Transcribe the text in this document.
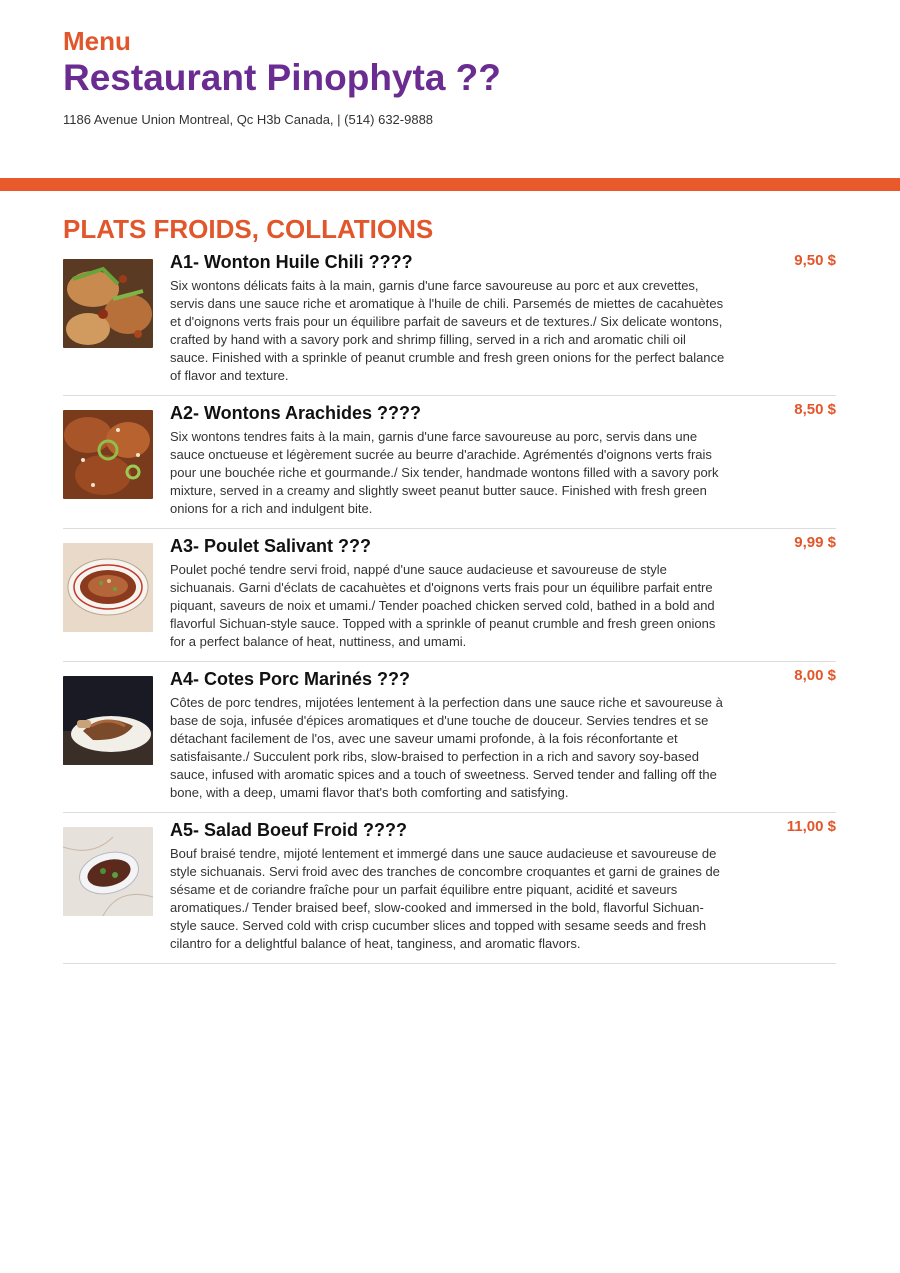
Menu
Restaurant Pinophyta ??
1186 Avenue Union Montreal, Qc H3b Canada, | (514) 632-9888
PLATS FROIDS, COLLATIONS
A1- Wonton Huile Chili ????

Six wontons délicats faits à la main, garnis d'une farce savoureuse au porc et aux crevettes, servis dans une sauce riche et aromatique à l'huile de chili. Parsemés de miettes de cacahuètes et d'oignons verts frais pour un équilibre parfait de saveurs et de textures./ Six delicate wontons, crafted by hand with a savory pork and shrimp filling, served in a rich and aromatic chili oil sauce. Finished with a sprinkle of peanut crumble and fresh green onions for the perfect balance of flavor and texture.

9,50 $
A2- Wontons Arachides ????

Six wontons tendres faits à la main, garnis d'une farce savoureuse au porc, servis dans une sauce onctueuse et légèrement sucrée au beurre d'arachide. Agrémentés d'oignons verts frais pour une bouchée riche et gourmande./ Six tender, handmade wontons filled with a savory pork mixture, served in a creamy and slightly sweet peanut butter sauce. Finished with fresh green onions for a rich and indulgent bite.

8,50 $
A3- Poulet Salivant ???

Poulet poché tendre servi froid, nappé d'une sauce audacieuse et savoureuse de style sichuanais. Garni d'éclats de cacahuètes et d'oignons verts frais pour un équilibre parfait entre piquant, saveurs de noix et umami./ Tender poached chicken served cold, bathed in a bold and flavorful Sichuan-style sauce. Topped with a sprinkle of peanut crumble and fresh green onions for a perfect balance of heat, nuttiness, and umami.

9,99 $
A4- Cotes Porc Marinés ???

Côtes de porc tendres, mijotées lentement à la perfection dans une sauce riche et savoureuse à base de soja, infusée d'épices aromatiques et d'une touche de douceur. Servies tendres et se détachant facilement de l'os, avec une saveur umami profonde, à la fois réconfortante et satisfaisante./ Succulent pork ribs, slow-braised to perfection in a rich and savory soy-based sauce, infused with aromatic spices and a touch of sweetness. Served tender and falling off the bone, with a deep, umami flavor that's both comforting and satisfying.

8,00 $
A5- Salad Boeuf Froid ????

Bouf braisé tendre, mijoté lentement et immergé dans une sauce audacieuse et savoureuse de style sichuanais. Servi froid avec des tranches de concombre croquantes et garni de graines de sésame et de coriandre fraîche pour un parfait équilibre entre piquant, acidité et saveurs aromatiques./ Tender braised beef, slow-cooked and immersed in the bold, flavorful Sichuan-style sauce. Served cold with crisp cucumber slices and topped with sesame seeds and fresh cilantro for a delightful balance of heat, tanginess, and aromatic flavors.

11,00 $
